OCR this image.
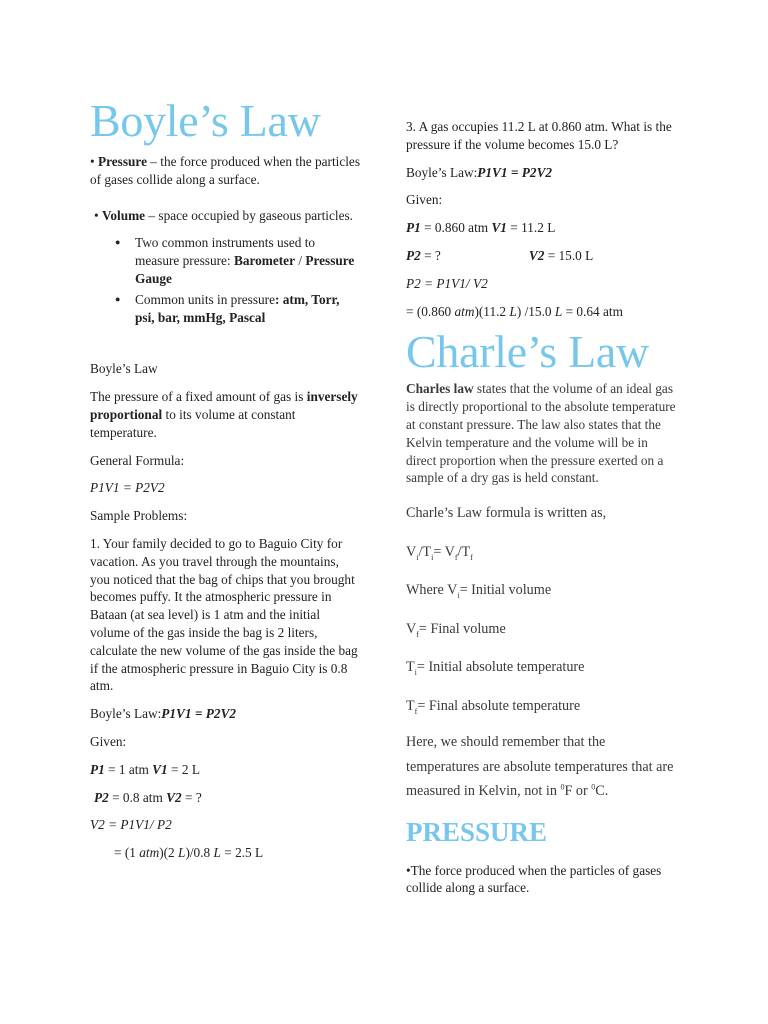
Boyle’s Law

• Pressure – the force produced when the particles of gases collide along a surface.

• Volume – space occupied by gaseous particles.

● Two common instruments used to measure pressure: Barometer / Pressure Gauge
● Common units in pressure: atm, Torr, psi, bar, mmHg, Pascal

Boyle’s Law

The pressure of a fixed amount of gas is inversely proportional to its volume at constant temperature.

General Formula:

P1V1 = P2V2

Sample Problems:

1. Your family decided to go to Baguio City for vacation. As you travel through the mountains, you noticed that the bag of chips that you brought becomes puffy. It the atmospheric pressure in Bataan (at sea level) is 1 atm and the initial volume of the gas inside the bag is 2 liters, calculate the new volume of the gas inside the bag if the atmospheric pressure in Baguio City is 0.8 atm.

Boyle’s Law:P1V1 = P2V2

Given:

P1 = 1 atm V1 = 2 L

P2 = 0.8 atm V2 = ?

V2 = P1V1/ P2

= (1 atm)(2 L)/0.8 L = 2.5 L

3. A gas occupies 11.2 L at 0.860 atm. What is the pressure if the volume becomes 15.0 L?

Boyle’s Law:P1V1 = P2V2

Given:

P1 = 0.860 atm V1 = 11.2 L

P2 = ?	V2 = 15.0 L

P2 = P1V1/ V2

= (0.860 atm)(11.2 L) /15.0 L = 0.64 atm

Charle’s Law

Charles law states that the volume of an ideal gas is directly proportional to the absolute temperature at constant pressure. The law also states that the Kelvin temperature and the volume will be in direct proportion when the pressure exerted on a sample of a dry gas is held constant.

Charle’s Law formula is written as,

$V_i/T_i= V_f/T_f$

Where $V_i=$ Initial volume

$V_f=$ Final volume

$T_i=$ Initial absolute temperature

$T_f=$ Final absolute temperature

Here, we should remember that the temperatures are absolute temperatures that are measured in Kelvin, not in $^0$F or $^0$C.

PRESSURE

•The force produced when the particles of gases collide along a surface.
